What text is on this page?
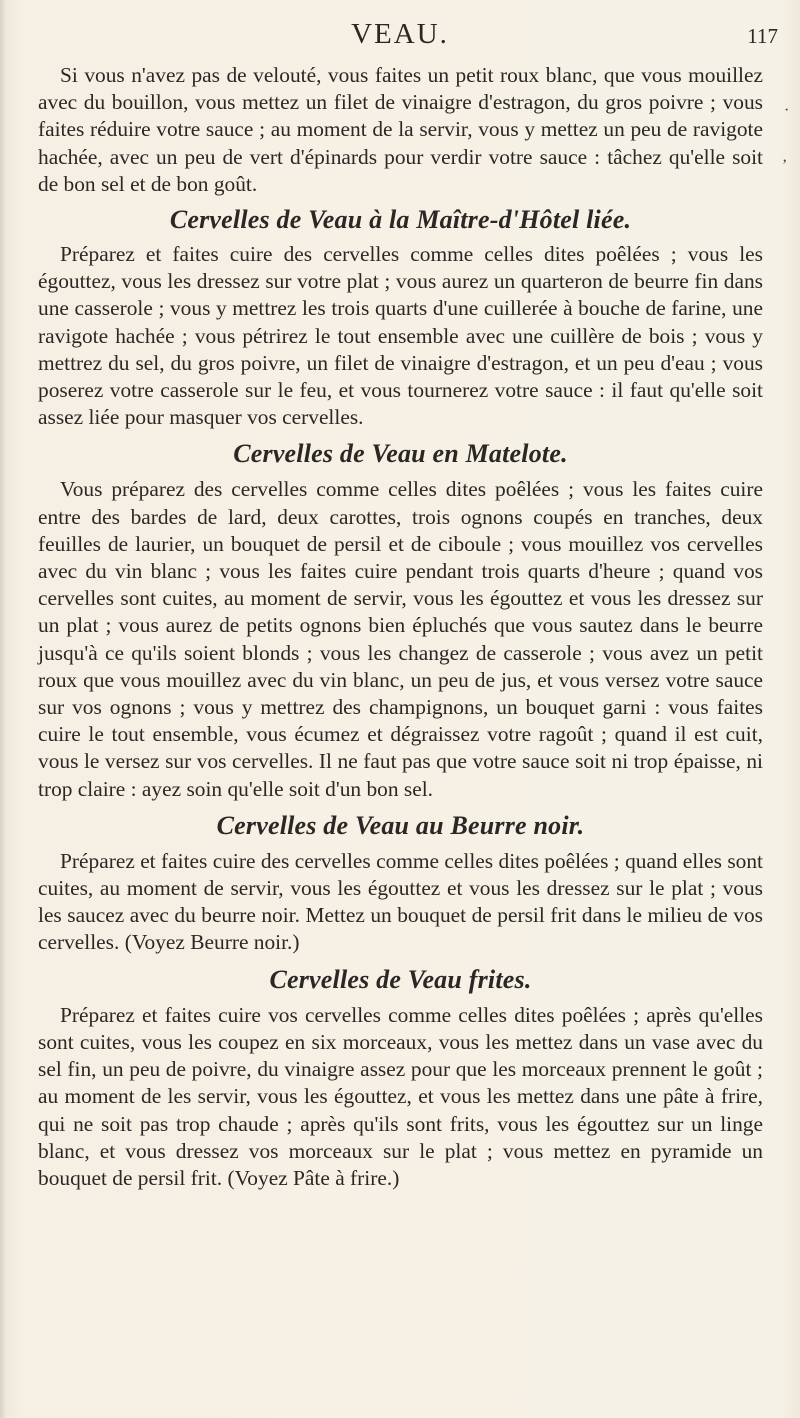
VEAU.	117
·
‚

Si vous n'avez pas de velouté, vous faites un petit roux blanc, que vous mouillez avec du bouillon, vous mettez un filet de vinaigre d'estragon, du gros poivre ; vous faites réduire votre sauce ; au moment de la servir, vous y mettez un peu de ravigote hachée, avec un peu de vert d'épinards pour verdir votre sauce : tâchez qu'elle soit de bon sel et de bon goût.

Cervelles de Veau à la Maître-d'Hôtel liée.

Préparez et faites cuire des cervelles comme celles dites poêlées ; vous les égouttez, vous les dressez sur votre plat ; vous aurez un quarteron de beurre fin dans une casserole ; vous y mettrez les trois quarts d'une cuillerée à bouche de farine, une ravigote hachée ; vous pétrirez le tout ensemble avec une cuillère de bois ; vous y mettrez du sel, du gros poivre, un filet de vinaigre d'estragon, et un peu d'eau ; vous poserez votre casserole sur le feu, et vous tournerez votre sauce : il faut qu'elle soit assez liée pour masquer vos cervelles.

Cervelles de Veau en Matelote.

Vous préparez des cervelles comme celles dites poêlées ; vous les faites cuire entre des bardes de lard, deux carottes, trois ognons coupés en tranches, deux feuilles de laurier, un bouquet de persil et de ciboule ; vous mouillez vos cervelles avec du vin blanc ; vous les faites cuire pendant trois quarts d'heure ; quand vos cervelles sont cuites, au moment de servir, vous les égouttez et vous les dressez sur un plat ; vous aurez de petits ognons bien épluchés que vous sautez dans le beurre jusqu'à ce qu'ils soient blonds ; vous les changez de casserole ; vous avez un petit roux que vous mouillez avec du vin blanc, un peu de jus, et vous versez votre sauce sur vos ognons ; vous y mettrez des champignons, un bouquet garni : vous faites cuire le tout ensemble, vous écumez et dégraissez votre ragoût ; quand il est cuit, vous le versez sur vos cervelles. Il ne faut pas que votre sauce soit ni trop épaisse, ni trop claire : ayez soin qu'elle soit d'un bon sel.

Cervelles de Veau au Beurre noir.

Préparez et faites cuire des cervelles comme celles dites poêlées ; quand elles sont cuites, au moment de servir, vous les égouttez et vous les dressez sur le plat ; vous les saucez avec du beurre noir. Mettez un bouquet de persil frit dans le milieu de vos cervelles. (Voyez Beurre noir.)

Cervelles de Veau frites.

Préparez et faites cuire vos cervelles comme celles dites poêlées ; après qu'elles sont cuites, vous les coupez en six morceaux, vous les mettez dans un vase avec du sel fin, un peu de poivre, du vinaigre assez pour que les morceaux prennent le goût ; au moment de les servir, vous les égouttez, et vous les mettez dans une pâte à frire, qui ne soit pas trop chaude ; après qu'ils sont frits, vous les égouttez sur un linge blanc, et vous dressez vos morceaux sur le plat ; vous mettez en pyramide un bouquet de persil frit. (Voyez Pâte à frire.)
